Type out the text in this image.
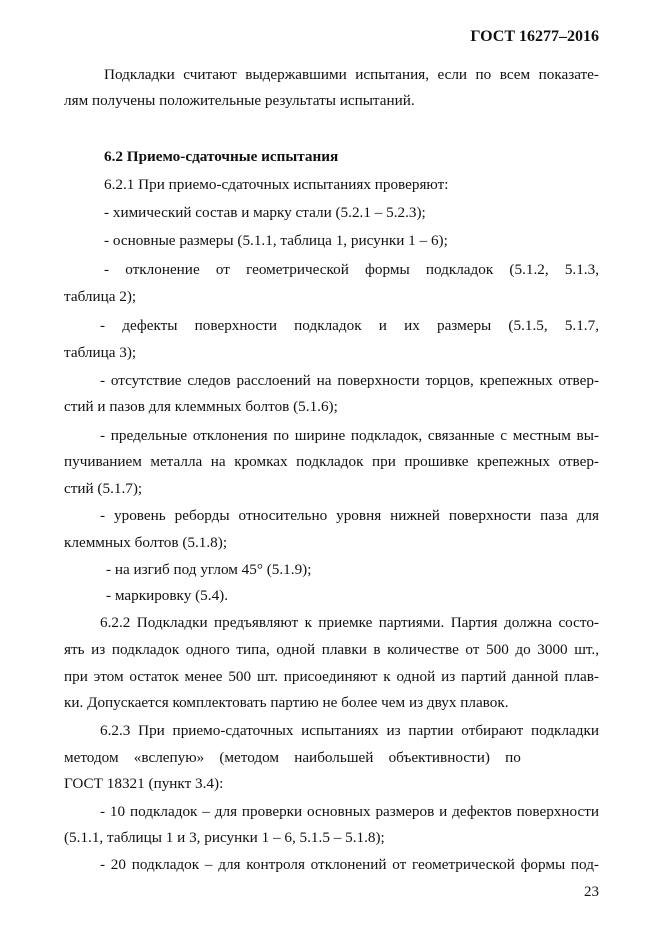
ГОСТ 16277–2016
Подкладки считают выдержавшими испытания, если по всем показате-
лям получены положительные результаты испытаний.
6.2 Приемо-сдаточные испытания
6.2.1 При приемо-сдаточных испытаниях проверяют:
- химический состав и марку стали (5.2.1 – 5.2.3);
- основные размеры (5.1.1, таблица 1, рисунки 1 – 6);
- отклонение от геометрической формы подкладок (5.1.2, 5.1.3,
таблица 2);
- дефекты поверхности подкладок и их размеры (5.1.5, 5.1.7,
таблица 3);
- отсутствие следов расслоений на поверхности торцов, крепежных отвер-
стий и пазов для клеммных болтов (5.1.6);
- предельные отклонения по ширине подкладок, связанные с местным вы-
пучиванием металла на кромках подкладок при прошивке крепежных отвер-
стий (5.1.7);
- уровень реборды относительно уровня нижней поверхности паза для
клеммных болтов (5.1.8);
- на изгиб под углом 45° (5.1.9);
- маркировку (5.4).
6.2.2 Подкладки предъявляют к приемке партиями. Партия должна состо-
ять из подкладок одного типа, одной плавки в количестве от 500 до 3000 шт.,
при этом остаток менее 500 шт. присоединяют к одной из партий данной плав-
ки. Допускается комплектовать партию не более чем из двух плавок.
6.2.3 При приемо-сдаточных испытаниях из партии отбирают подкладки
методом    «вслепую»    (методом    наибольшей    объективности)    по
ГОСТ 18321 (пункт 3.4):
- 10 подкладок – для проверки основных размеров и дефектов поверхности
(5.1.1, таблицы 1 и 3, рисунки 1 – 6, 5.1.5 – 5.1.8);
- 20 подкладок – для контроля отклонений от геометрической формы под-
23
